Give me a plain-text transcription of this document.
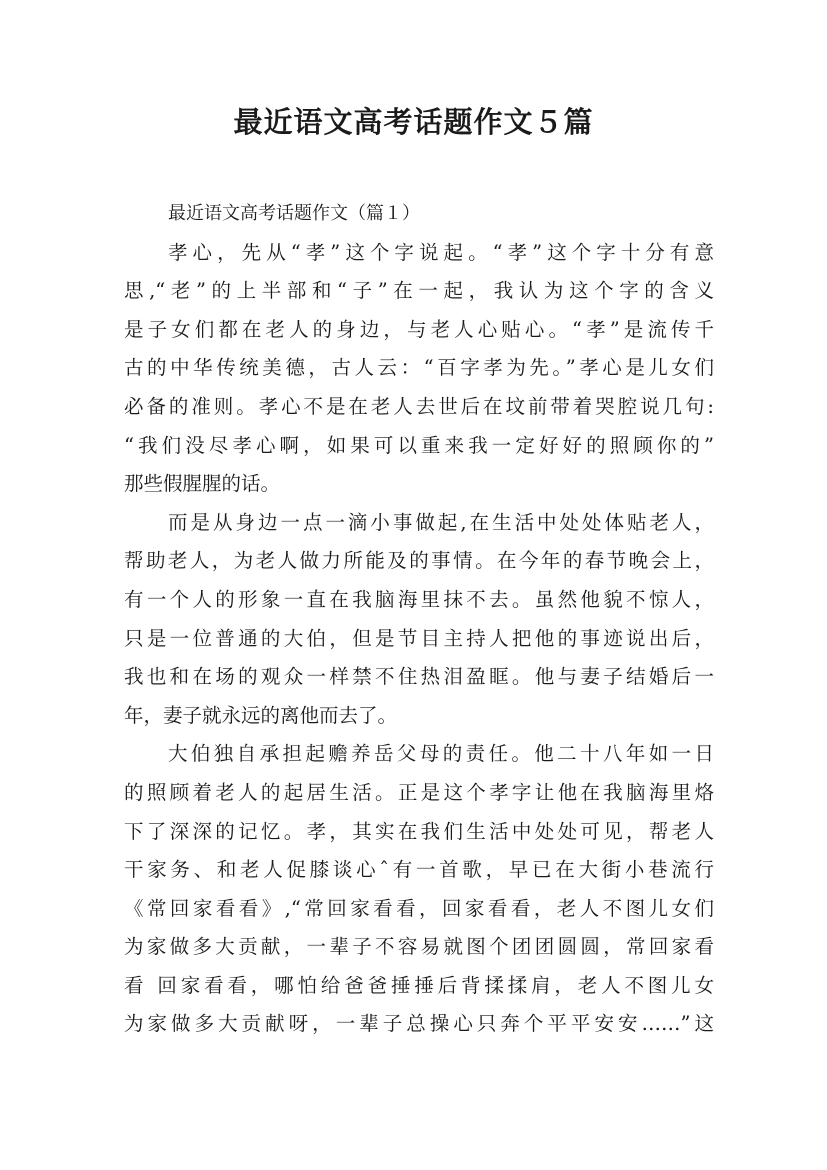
最近语文高考话题作文５篇
最近语文高考话题作文（篇１）
孝心，先从“孝”这个字说起。“孝”这个字十分有意
思,“老”的上半部和“子”在一起，我认为这个字的含义
是子女们都在老人的身边，与老人心贴心。“孝”是流传千
古的中华传统美德，古人云：“百字孝为先。”孝心是儿女们
必备的准则。孝心不是在老人去世后在坟前带着哭腔说几句:
“我们没尽孝心啊，如果可以重来我一定好好的照顾你的”
那些假腥腥的话。
而是从身边一点一滴小事做起,在生活中处处体贴老人，
帮助老人，为老人做力所能及的事情。在今年的春节晚会上，
有一个人的形象一直在我脑海里抹不去。虽然他貌不惊人，
只是一位普通的大伯，但是节目主持人把他的事迹说出后，
我也和在场的观众一样禁不住热泪盈眶。他与妻子结婚后一
年，妻子就永远的离他而去了。
大伯独自承担起赡养岳父母的责任。他二十八年如一日
的照顾着老人的起居生活。正是这个孝字让他在我脑海里烙
下了深深的记忆。孝，其实在我们生活中处处可见，帮老人
干家务、和老人促膝谈心ˆ有一首歌，早已在大街小巷流行
《常回家看看》,“常回家看看，回家看看，老人不图儿女们
为家做多大贡献，一辈子不容易就图个团团圆圆，常回家看
看 回家看看，哪怕给爸爸捶捶后背揉揉肩，老人不图儿女
为家做多大贡献呀，一辈子总操心只奔个平平安安……”这
